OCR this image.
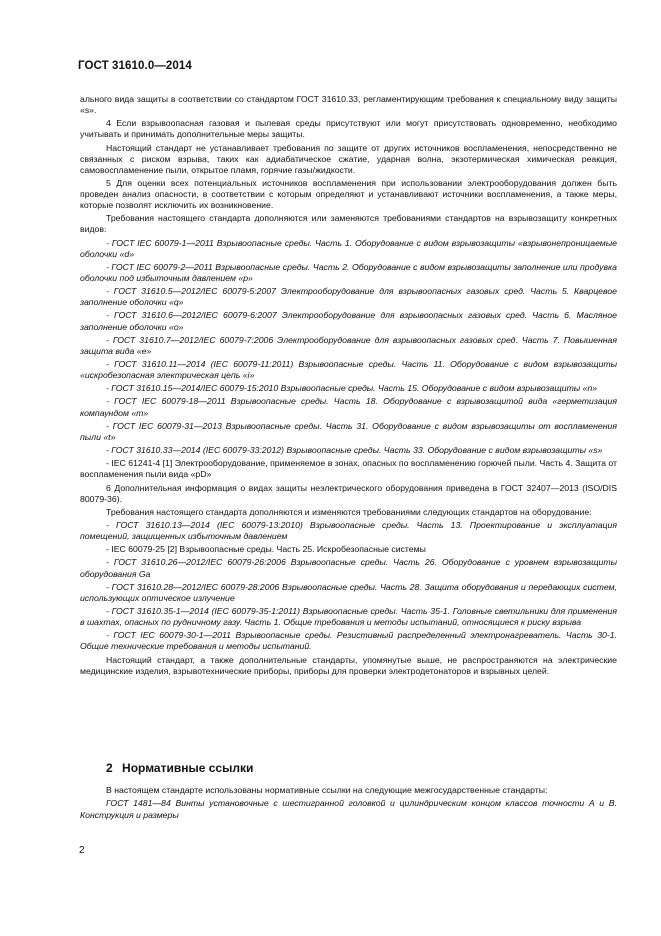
ГОСТ 31610.0—2014

ального вида защиты в соответствии со стандартом ГОСТ 31610.33, регламентирующим требования к специальному виду защиты «s».

4 Если взрывоопасная газовая и пылевая среды присутствуют или могут присутствовать одновременно, необходимо учитывать и принимать дополнительные меры защиты.

Настоящий стандарт не устанавливает требования по защите от других источников воспламенения, непосредственно не связанных с риском взрыва, таких как адиабатическое сжатие, ударная волна, экзотермическая химическая реакция, самовоспламенение пыли, открытое пламя, горячие газы/жидкости.

5 Для оценки всех потенциальных источников воспламенения при использовании электрооборудования должен быть проведен анализ опасности, в соответствии с которым определяют и устанавливают источники воспламенения, а также меры, которые позволят исключить их возникновение.

Требования настоящего стандарта дополняются или заменяются требованиями стандартов на взрывозащиту конкретных видов:

- ГОСТ IEC 60079-1—2011 Взрывоопасные среды. Часть 1. Оборудование с видом взрывозащиты «взрывонепроницаемые оболочки «d»

- ГОСТ IEC 60079-2—2011 Взрывоопасные среды. Часть 2. Оборудование с видом взрывозащиты заполнение или продувка оболочки под избыточным давлением «p»

- ГОСТ 31610.5—2012/IEC 60079-5:2007 Электрооборудование для взрывоопасных газовых сред. Часть 5. Кварцевое заполнение оболочки «q»

- ГОСТ 31610.6—2012/IEC 60079-6:2007 Электрооборудование для взрывоопасных газовых сред. Часть 6. Масляное заполнение оболочки «o»

- ГОСТ 31610.7—2012/IEC 60079-7:2006 Электрооборудование для взрывоопасных газовых сред. Часть 7. Повышенная защита вида «e»

- ГОСТ 31610.11—2014 (IEC 60079-11:2011) Взрывоопасные среды. Часть 11. Оборудование с видом взрывозащиты «искробезопасная электрическая цепь «i»

- ГОСТ 31610.15—2014/IEC 60079-15:2010 Взрывоопасные среды. Часть 15. Оборудование с видом взрывозащиты «n»

- ГОСТ IEC 60079-18—2011 Взрывоопасные среды. Часть 18. Оборудование с взрывозащитой вида «герметизация компаундом «m»

- ГОСТ IEC 60079-31—2013 Взрывоопасные среды. Часть 31. Оборудование с видом взрывозащиты от воспламенения пыли «t»

- ГОСТ 31610.33—2014 (IEC 60079-33:2012) Взрывоопасные среды. Часть 33. Оборудование с видом взрывозащиты «s»

- IEC 61241-4 [1] Электрооборудование, применяемое в зонах, опасных по воспламенению горючей пыли. Часть 4. Защита от воспламенения пыли вида «pD»

6 Дополнительная информация о видах защиты неэлектрического оборудования приведена в ГОСТ 32407—2013 (ISO/DIS 80079-36).

Требования настоящего стандарта дополняются и изменяются требованиями следующих стандартов на оборудование:

- ГОСТ 31610.13—2014 (IEC 60079-13:2010) Взрывоопасные среды. Часть 13. Проектирование и эксплуатация помещений, защищенных избыточным давлением

- IEC 60079-25 [2] Взрывоопасные среды. Часть 25. Искробезопасные системы

- ГОСТ 31610.26—2012/IEC 60079-26:2006 Взрывоопасные среды. Часть 26. Оборудование с уровнем взрывозащиты оборудования Ga

- ГОСТ 31610.28—2012/IEC 60079-28:2006 Взрывоопасные среды. Часть 28. Защита оборудования и передающих систем, использующих оптическое излучение

- ГОСТ 31610.35-1—2014 (IEC 60079-35-1:2011) Взрывоопасные среды. Часть 35-1. Головные светильники для применения в шахтах, опасных по рудничному газу. Часть 1. Общие требования и методы испытаний, относящиеся к риску взрыва

- ГОСТ IEC 60079-30-1—2011 Взрывоопасные среды. Резистивный распределенный электронагреватель. Часть 30-1. Общие технические требования и методы испытаний.

Настоящий стандарт, а также дополнительные стандарты, упомянутые выше, не распространяются на электрические медицинские изделия, взрывотехнические приборы, приборы для проверки электродетонаторов и взрывных целей.

2 Нормативные ссылки

В настоящем стандарте использованы нормативные ссылки на следующие межгосударственные стандарты:

ГОСТ 1481—84 Винты установочные с шестигранной головкой и цилиндрическим концом классов точности А и В. Конструкция и размеры

2
